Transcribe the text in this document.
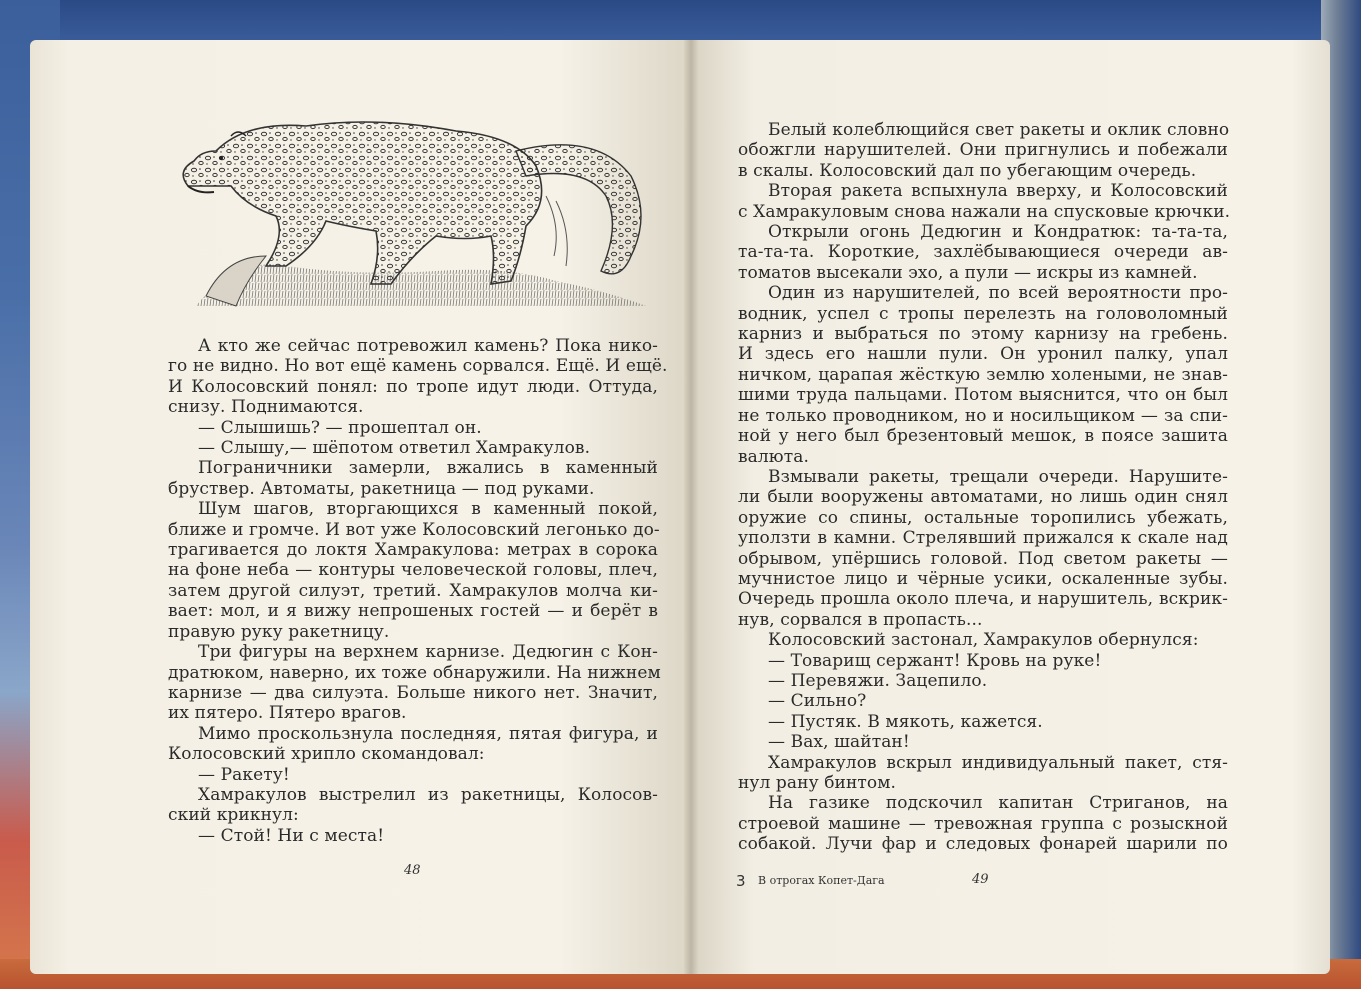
А кто же сейчас потревожил камень? Пока нико-

го не видно. Но вот ещё камень сорвался. Ещё. И ещё.

И Колосовский понял: по тропе идут люди. Оттуда,

снизу. Поднимаются.

— Слышишь? — прошептал он.

— Слышу,— шёпотом ответил Хамракулов.

Пограничники замерли, вжались в каменный

бруствер. Автоматы, ракетница — под руками.

Шум шагов, вторгающихся в каменный покой,

ближе и громче. И вот уже Колосовский легонько до-

трагивается до локтя Хамракулова: метрах в сорока

на фоне неба — контуры человеческой головы, плеч,

затем другой силуэт, третий. Хамракулов молча ки-

вает: мол, и я вижу непрошеных гостей — и берёт в

правую руку ракетницу.

Три фигуры на верхнем карнизе. Дедюгин с Кон-

дратюком, наверно, их тоже обнаружили. На нижнем

карнизе — два силуэта. Больше никого нет. Значит,

их пятеро. Пятеро врагов.

Мимо проскользнула последняя, пятая фигура, и

Колосовский хрипло скомандовал:

— Ракету!

Хамракулов выстрелил из ракетницы, Колосов-

ский крикнул:

— Стой! Ни с места!

48

Белый колеблющийся свет ракеты и оклик словно

обожгли нарушителей. Они пригнулись и побежали

в скалы. Колосовский дал по убегающим очередь.

Вторая ракета вспыхнула вверху, и Колосовский

с Хамракуловым снова нажали на спусковые крючки.

Открыли огонь Дедюгин и Кондратюк: та-та-та,

та-та-та. Короткие, захлёбывающиеся очереди ав-

томатов высекали эхо, а пули — искры из камней.

Один из нарушителей, по всей вероятности про-

водник, успел с тропы перелезть на головоломный

карниз и выбраться по этому карнизу на гребень.

И здесь его нашли пули. Он уронил палку, упал

ничком, царапая жёсткую землю холеными, не знав-

шими труда пальцами. Потом выяснится, что он был

не только проводником, но и носильщиком — за спи-

ной у него был брезентовый мешок, в поясе зашита

валюта.

Взмывали ракеты, трещали очереди. Нарушите-

ли были вооружены автоматами, но лишь один снял

оружие со спины, остальные торопились убежать,

уползти в камни. Стрелявший прижался к скале над

обрывом, упёршись головой. Под светом ракеты —

мучнистое лицо и чёрные усики, оскаленные зубы.

Очередь прошла около плеча, и нарушитель, вскрик-

нув, сорвался в пропасть...

Колосовский застонал, Хамракулов обернулся:

— Товарищ сержант! Кровь на руке!

— Перевяжи. Зацепило.

— Сильно?

— Пустяк. В мякоть, кажется.

— Вах, шайтан!

Хамракулов вскрыл индивидуальный пакет, стя-

нул рану бинтом.

На газике подскочил капитан Стриганов, на

строевой машине — тревожная группа с розыскной

собакой. Лучи фар и следовых фонарей шарили по

3 В отрогах Копет-Дага	49
